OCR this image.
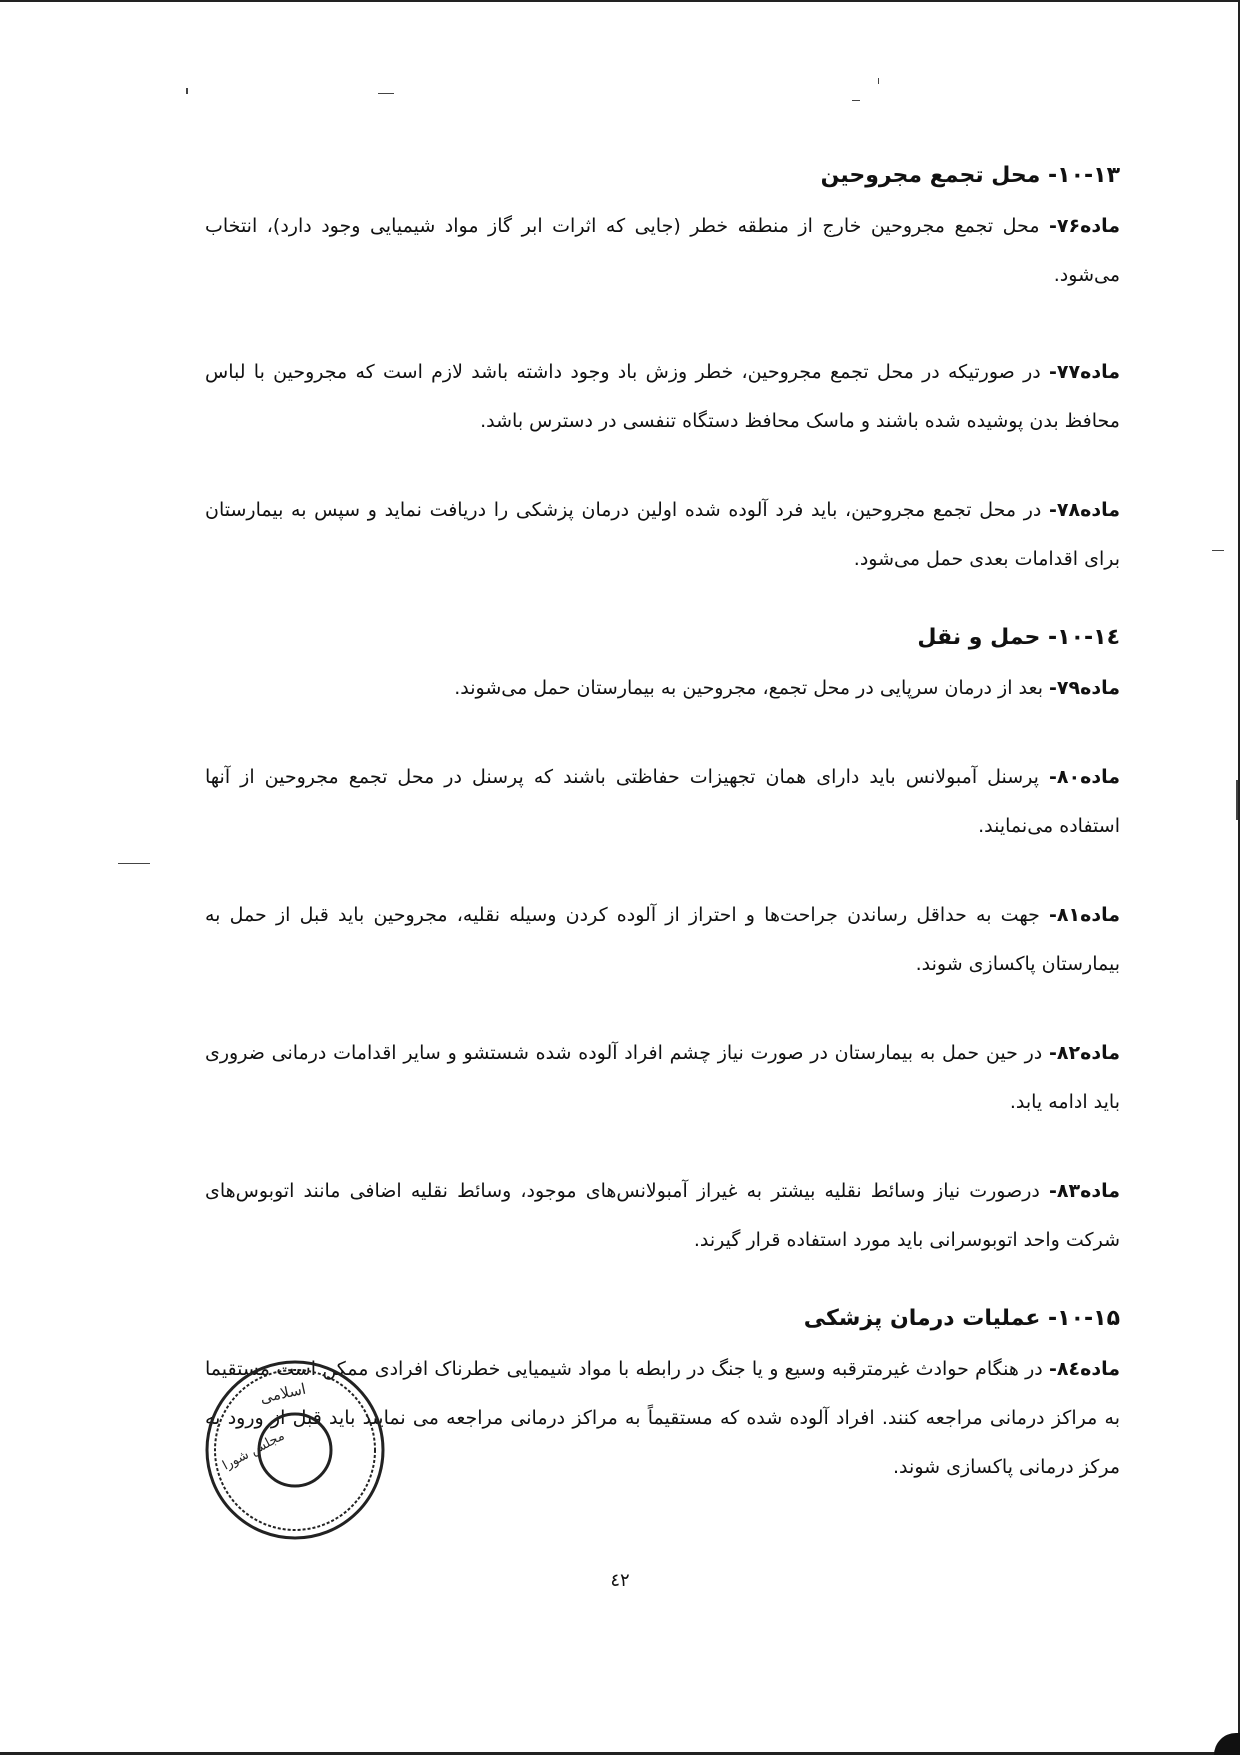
۱۰-۱۳- محل تجمع مجروحین

ماده۷۶- محل تجمع مجروحین خارج از منطقه خطر (جایی که اثرات ابر گاز مواد شیمیایی وجود دارد)، انتخاب می‌شود.

ماده۷۷- در صورتیکه در محل تجمع مجروحین، خطر وزش باد وجود داشته باشد لازم است که مجروحین با لباس محافظ بدن پوشیده شده باشند و ماسک محافظ دستگاه تنفسی در دسترس باشد.

ماده۷۸- در محل تجمع مجروحین، باید فرد آلوده شده اولین درمان پزشکی را دریافت نماید و سپس به بیمارستان برای اقدامات بعدی حمل می‌شود.

۱۰-۱٤- حمل و نقل

ماده۷۹- بعد از درمان سرپایی در محل تجمع، مجروحین به بیمارستان حمل می‌شوند.

ماده۸۰- پرسنل آمبولانس باید دارای همان تجهیزات حفاظتی باشند که پرسنل در محل تجمع مجروحین از آنها استفاده می‌نمایند.

ماده۸۱- جهت به حداقل رساندن جراحت‌ها و احتراز از آلوده کردن وسیله نقلیه، مجروحین باید قبل از حمل به بیمارستان پاکسازی شوند.

ماده۸۲- در حین حمل به بیمارستان در صورت نیاز چشم افراد آلوده شده شستشو و سایر اقدامات درمانی ضروری باید ادامه یابد.

ماده۸۳- درصورت نیاز وسائط نقلیه بیشتر به غیراز آمبولانس‌های موجود، وسائط نقلیه اضافی مانند اتوبوس‌های شرکت واحد اتوبوسرانی باید مورد استفاده قرار گیرند.

۱۰-۱۵- عملیات درمان پزشکی

ماده۸٤- در هنگام حوادث غیرمترقبه وسیع و یا جنگ در رابطه با مواد شیمیایی خطرناک افرادی ممکن است مستقیما به مراکز درمانی مراجعه کنند. افراد آلوده شده که مستقیماً به مراکز درمانی مراجعه می نمایند باید قبل از ورود به مرکز درمانی پاکسازی شوند.

اسلامی
مجلس شورا
٤۲
